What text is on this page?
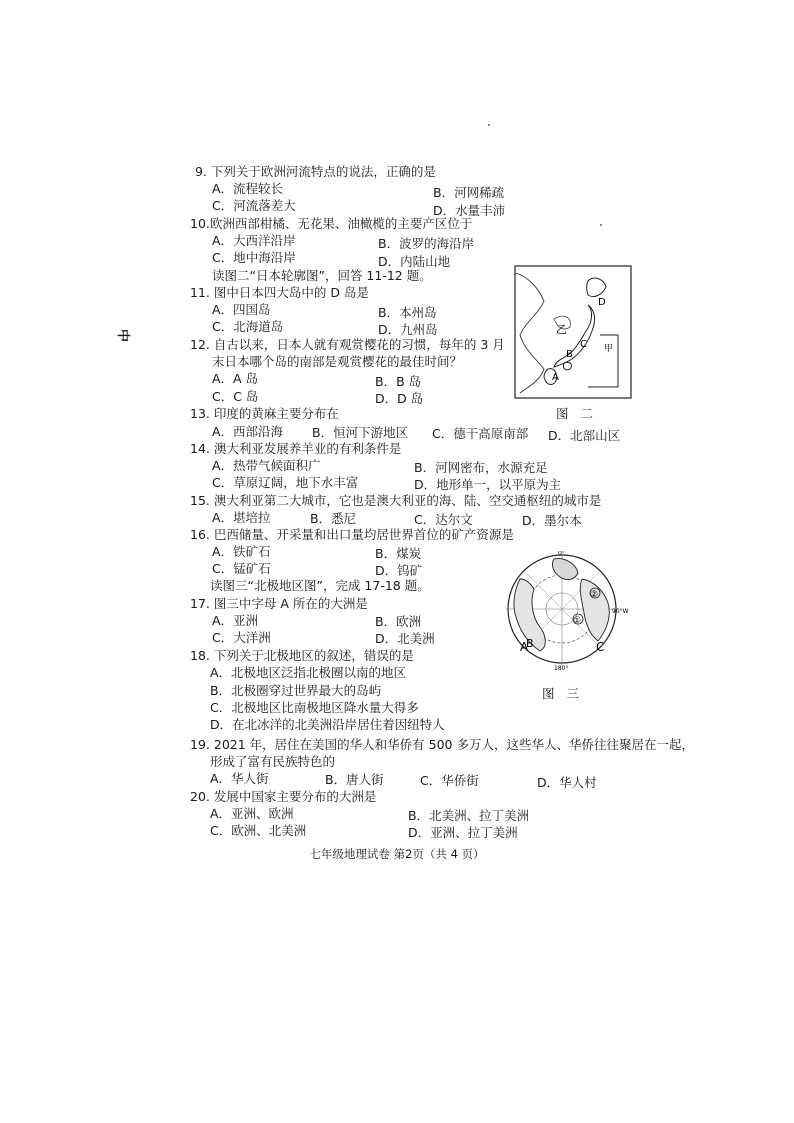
中
9. 下列关于欧洲河流特点的说法，正确的是
A．流程较长	B．河网稀疏
C．河流落差大	D．水量丰沛
10.欧洲西部柑橘、无花果、油橄榄的主要产区位于
A．大西洋沿岸	B．波罗的海沿岸
C．地中海沿岸	D．内陆山地
读图二“日本轮廓图”，回答 11-12 题。
11. 图中日本四大岛中的 D 岛是
A．四国岛	B．本州岛
C．北海道岛	D．九州岛
12. 自古以来，日本人就有观赏樱花的习惯，每年的 3 月
末日本哪个岛的南部是观赏樱花的最佳时间？
A．A 岛	B．B 岛
C．C 岛	D．D 岛
13. 印度的黄麻主要分布在
A．西部沿海 B．恒河下游地区 C．德干高原南部 D．北部山区
14. 澳大利亚发展养羊业的有利条件是
A．热带气候面积广	B．河网密布，水源充足
C．草原辽阔，地下水丰富	D．地形单一，以平原为主
15. 澳大利亚第二大城市，它也是澳大利亚的海、陆、空交通枢纽的城市是
A．堪培拉	B．悉尼	C．达尔文	D．墨尔本
16. 巴西储量、开采量和出口量均居世界首位的矿产资源是
A．铁矿石	B．煤炭
C．锰矿石	D．钨矿
读图三“北极地区图”，完成 17-18 题。
17. 图三中字母 A 所在的大洲是
A．亚洲	B．欧洲
C．大洋洲	D．北美洲
18. 下列关于北极地区的叙述，错误的是
A．北极地区泛指北极圈以南的地区
B．北极圈穿过世界最大的岛屿
C．北极地区比南极地区降水量大得多
D．在北冰洋的北美洲沿岸居住着因纽特人
19. 2021 年，居住在美国的华人和华侨有 500 多万人，这些华人、华侨往往聚居在一起，
形成了富有民族特色的
A．华人街	B．唐人街	C．华侨街	D．华人村
20. 发展中国家主要分布的大洲是
A．亚洲、欧洲	B．北美洲、拉丁美洲
C．欧洲、北美洲	D．亚洲、拉丁美洲
乙
甲
D
C
B
A
图 二
②
①
A
B	C
0°
90°W
180°
图 三
七年级地理试卷 第2页（共 4 页）
